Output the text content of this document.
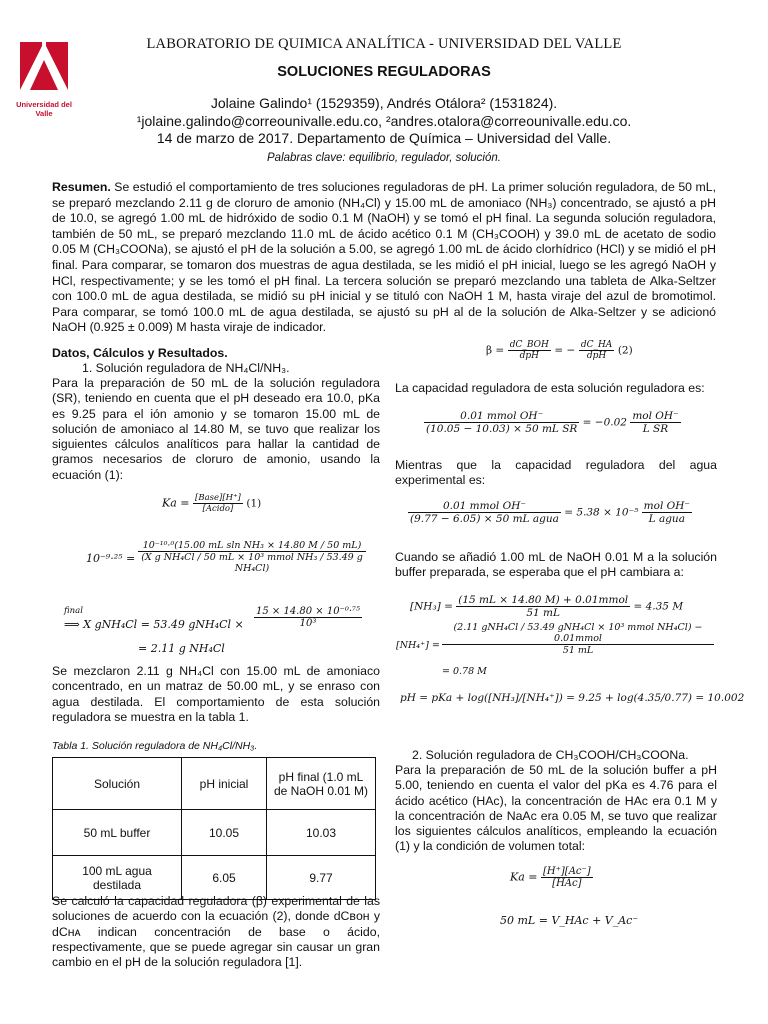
Universidad del Valle
LABORATORIO DE QUIMICA ANALÍTICA - UNIVERSIDAD DEL VALLE
SOLUCIONES REGULADORAS
Jolaine Galindo¹ (1529359), Andrés Otálora² (1531824).
¹jolaine.galindo@correounivalle.edu.co, ²andres.otalora@correounivalle.edu.co.
14 de marzo de 2017. Departamento de Química – Universidad del Valle.
Palabras clave: equilibrio, regulador, solución.
Resumen. Se estudió el comportamiento de tres soluciones reguladoras de pH. La primer solución reguladora, de 50 mL, se preparó mezclando 2.11 g de cloruro de amonio (NH₄Cl) y 15.00 mL de amoniaco (NH₃) concentrado, se ajustó a pH de 10.0, se agregó 1.00 mL de hidróxido de sodio 0.1 M (NaOH) y se tomó el pH final. La segunda solución reguladora, también de 50 mL, se preparó mezclando 11.0 mL de ácido acético 0.1 M (CH₃COOH) y 39.0 mL de acetato de sodio 0.05 M (CH₃COONa), se ajustó el pH de la solución a 5.00, se agregó 1.00 mL de ácido clorhídrico (HCl) y se midió el pH final. Para comparar, se tomaron dos muestras de agua destilada, se les midió el pH inicial, luego se les agregó NaOH y HCl, respectivamente; y se les tomó el pH final. La tercera solución se preparó mezclando una tableta de Alka-Seltzer con 100.0 mL de agua destilada, se midió su pH inicial y se tituló con NaOH 1 M, hasta viraje del azul de bromotimol. Para comparar, se tomó 100.0 mL de agua destilada, se ajustó su pH al de la solución de Alka-Seltzer y se adicionó NaOH (0.925 ± 0.009) M hasta viraje de indicador.
Datos, Cálculos y Resultados.
1. Solución reguladora de NH₄Cl/NH₃.
Para la preparación de 50 mL de la solución reguladora (SR), teniendo en cuenta que el pH deseado era 10.0, pKa es 9.25 para el ión amonio y se tomaron 15.00 mL de solución de amoniaco al 14.80 M, se tuvo que realizar los siguientes cálculos analíticos para hallar la cantidad de gramos necesarios de cloruro de amonio, usando la ecuación (1):
$Ka = \frac{\text{[Base][H⁺]}}{\text{[Ácido]}} (1)$
10⁻⁹·²⁵ =
10⁻¹⁰·⁰(15.00 mL sln NH₃ × 14.80 M / 50 mL)
(X g NH₄Cl / 50 mL × 10³ mmol NH₃ / 53.49 g NH₄Cl)
final
⟹ X gNH₄Cl = 53.49 $gNH_4Cl \times \frac{\text{15 × 14.80 × 10⁻⁰·⁷⁵}}{\text{10³}}$
= 2.11 g NH₄Cl
Se mezclaron 2.11 g NH₄Cl con 15.00 mL de amoniaco concentrado, en un matraz de 50.00 mL, y se enraso con agua destilada. El comportamiento de esta solución reguladora se muestra en la tabla 1.
Tabla 1. Solución reguladora de NH₄Cl/NH₃.
Solución	pH inicial	pH final (1.0 mL de NaOH 0.01 M)
50 mL buffer	10.05	10.03
100 mL agua destilada	6.05	9.77
Se calculó la capacidad reguladora (β) experimental de las soluciones de acuerdo con la ecuación (2), donde dCʙᴏʜ y dCʜᴀ indican concentración de base o ácido, respectivamente, que se puede agregar sin causar un gran cambio en el pH de la solución reguladora [1].
$\beta = \frac{\text{dC\_BOH}}{\text{dpH}}$ = − $\frac{dC\_HA}{\text{dpH}} (2)$
La capacidad reguladora de esta solución reguladora es:
$\frac{\text{0.01 mmol OH⁻}}{\text{(10.05 − 10.03) × 50 mL SR}} = -0.02 \frac{\text{mol OH⁻}}{\text{L SR}}$
Mientras que la capacidad reguladora del agua experimental es:
$\frac{\text{0.01 mmol OH⁻}}{\text{(9.77 − 6.05) × 50 mL agua}} = 5.38 \times 10^{-5} \frac{\text{mol OH⁻}}{\text{L agua}}$
Cuando se añadió 1.00 mL de NaOH 0.01 M a la solución buffer preparada, se esperaba que el pH cambiara a:
$[NH_3] = \frac{\text{(15 mL × 14.80 M) + 0.01mmol}}{51 mL} = 4.35$ M
[NH₄⁺] =
(2.11 gNH₄Cl / 53.49 gNH₄Cl × 10³ mmol NH₄Cl) − 0.01mmol
51 mL
= 0.78 M
pH = pKa + log([NH₃]/[NH₄⁺]) = 9.25 + log(4.35/0.77) = 10.002
2. Solución reguladora de CH₃COOH/CH₃COONa.
Para la preparación de 50 mL de la solución buffer a pH 5.00, teniendo en cuenta el valor del pKa es 4.76 para el ácido acético (HAc), la concentración de HAc era 0.1 M y la concentración de NaAc era 0.05 M, se tuvo que realizar los siguientes cálculos analíticos, empleando la ecuación (1) y la condición de volumen total:
$Ka = \frac{[H^+][Ac^-]}{\text{[HAc]}}$
50 mL = V_HAc + V_Ac⁻
